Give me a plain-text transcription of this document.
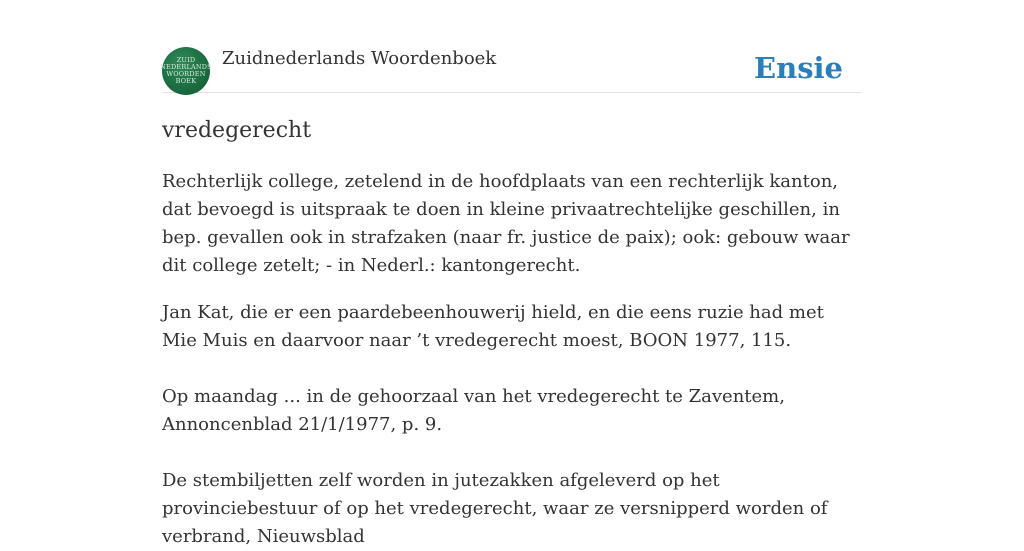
ZUID
NEDERLANDS
WOORDEN
BOEK
Zuidnederlands Woordenboek	Ensie
vredegerecht

Rechterlijk college, zetelend in de hoofdplaats van een rechterlijk kanton, dat bevoegd is uitspraak te doen in kleine privaatrechtelijke geschillen, in bep. gevallen ook in strafzaken (naar fr. justice de paix); ook: gebouw waar dit college zetelt; - in Nederl.: kantongerecht.

Jan Kat, die er een paardebeenhouwerij hield, en die eens ruzie had met Mie Muis en daarvoor naar ’t vredegerecht moest, BOON 1977, 115.

Op maandag ... in de gehoorzaal van het vredegerecht te Zaventem, Annoncenblad 21/1/1977, p. 9.

De stembiljetten zelf worden in jutezakken afgeleverd op het provinciebestuur of op het vredegerecht, waar ze versnipperd worden of verbrand, Nieuwsblad
